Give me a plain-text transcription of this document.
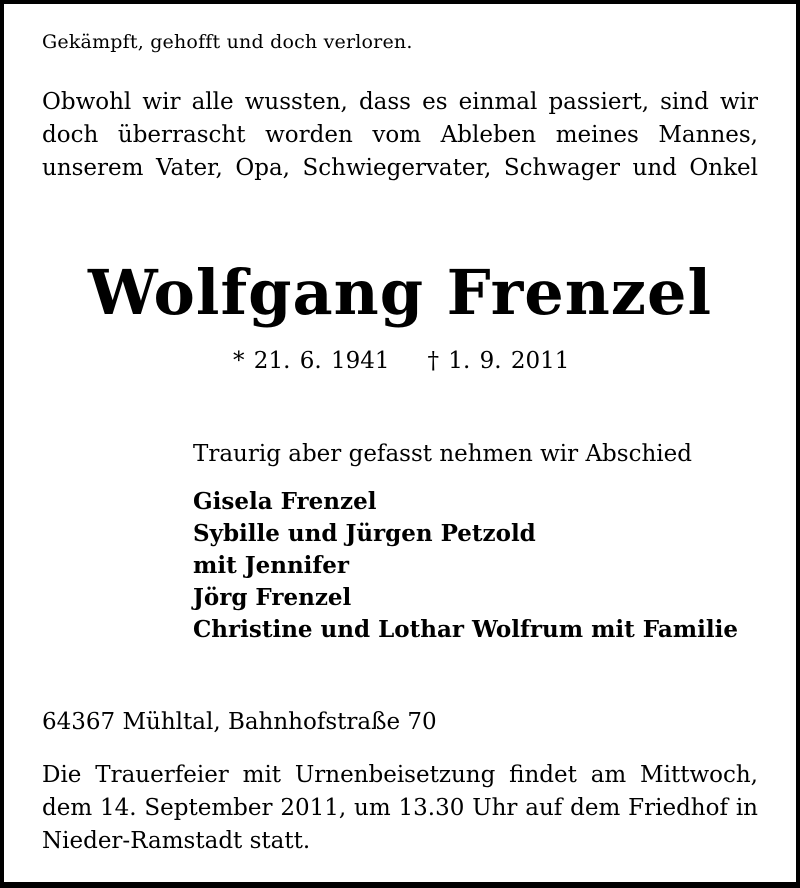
Gekämpft, gehofft und doch verloren.
Obwohl wir alle wussten, dass es einmal passiert, sind wir
doch überrascht worden vom Ableben meines Mannes,
unserem Vater, Opa, Schwiegervater, Schwager und Onkel
Wolfgang Frenzel
* 21. 6. 1941 † 1. 9. 2011
Traurig aber gefasst nehmen wir Abschied
Gisela Frenzel
Sybille und Jürgen Petzold
mit Jennifer
Jörg Frenzel
Christine und Lothar Wolfrum mit Familie
64367 Mühltal, Bahnhofstraße 70
Die Trauerfeier mit Urnenbeisetzung findet am Mittwoch,
dem 14. September 2011, um 13.30 Uhr auf dem Friedhof in
Nieder-Ramstadt statt.
